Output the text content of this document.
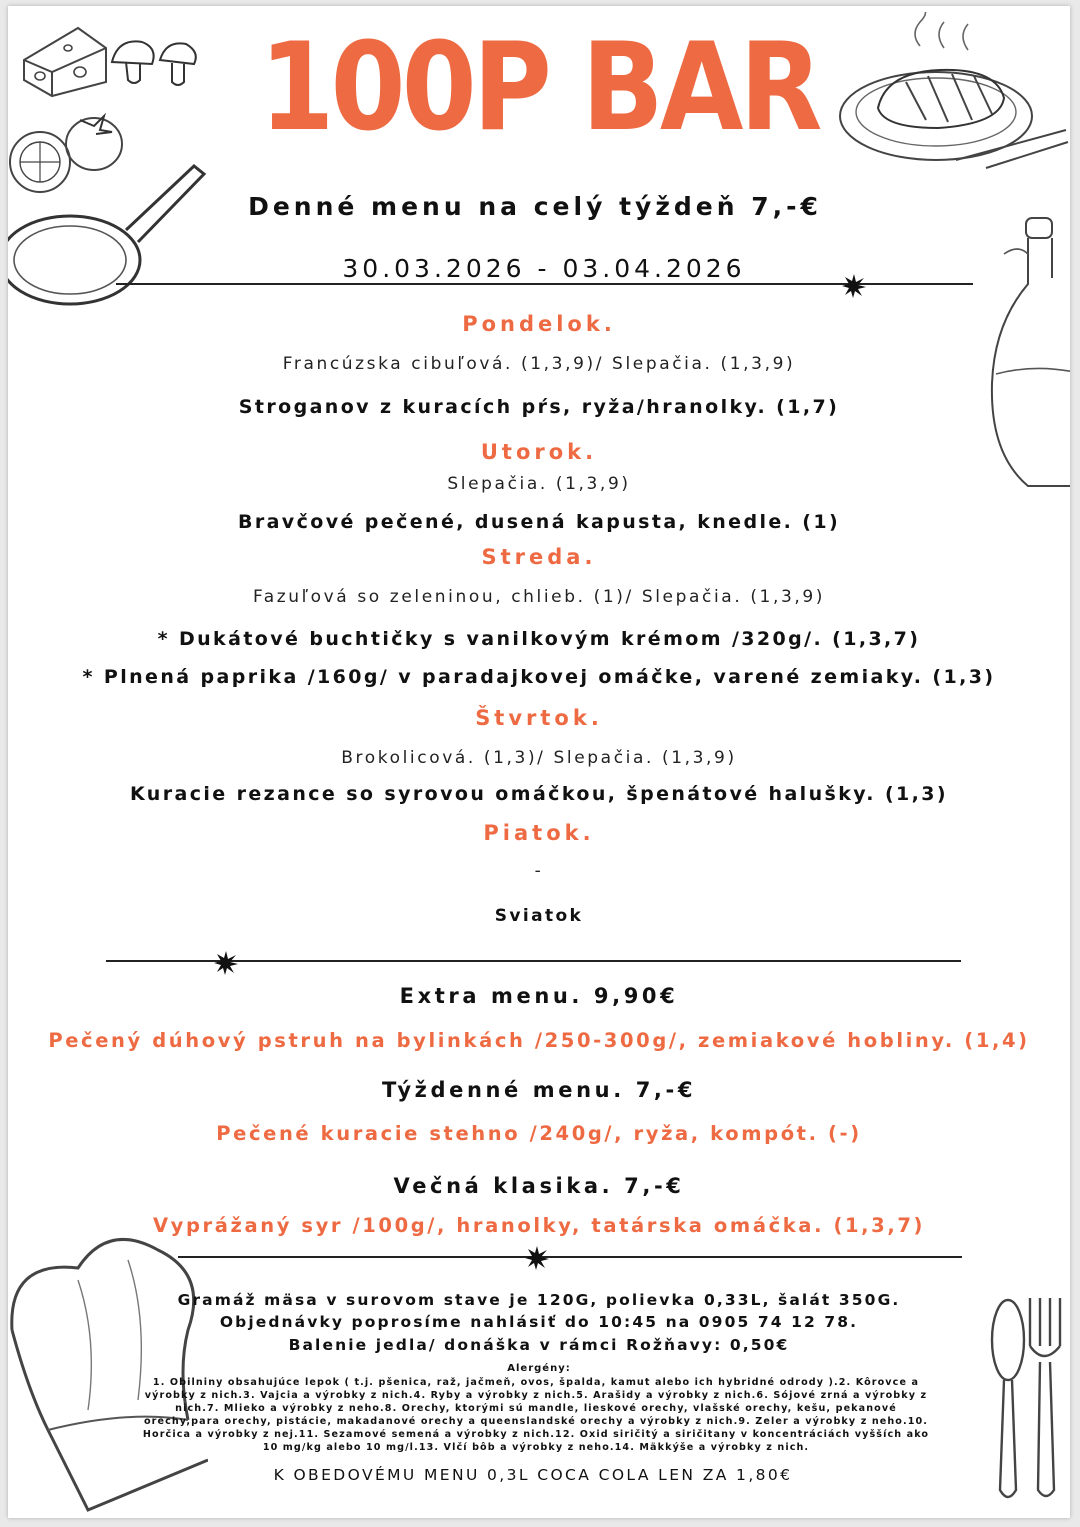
100P BAR
Denné menu na celý týždeň 7,-€
30.03.2026 - 03.04.2026
Pondelok.
Francúzska cibuľová. (1,3,9)/ Slepačia. (1,3,9)
Stroganov z kuracích pŕs, ryža/hranolky. (1,7)
Utorok.
Slepačia. (1,3,9)
Bravčové pečené, dusená kapusta, knedle. (1)
Streda.
Fazuľová so zeleninou, chlieb. (1)/ Slepačia. (1,3,9)
* Dukátové buchtičky s vanilkovým krémom /320g/. (1,3,7)
* Plnená paprika /160g/ v paradajkovej omáčke, varené zemiaky. (1,3)
Štvrtok.
Brokolicová. (1,3)/ Slepačia. (1,3,9)
Kuracie rezance so syrovou omáčkou, špenátové halušky. (1,3)
Piatok.
-
Sviatok
Extra menu. 9,90€
Pečený dúhový pstruh na bylinkách /250-300g/, zemiakové hobliny. (1,4)
Týždenné menu. 7,-€
Pečené kuracie stehno /240g/, ryža, kompót. (-)
Večná klasika. 7,-€
Vyprážaný syr /100g/, hranolky, tatárska omáčka. (1,3,7)
Gramáž mäsa v surovom stave je 120G, polievka 0,33L, šalát 350G.
Objednávky poprosíme nahlásiť do 10:45 na 0905 74 12 78.
Balenie jedla/ donáška v rámci Rožňavy: 0,50€
Alergény:
1. Obilniny obsahujúce lepok ( t.j. pšenica, raž, jačmeň, ovos, špalda, kamut alebo ich hybridné odrody ).2. Kôrovce a výrobky z nich.3. Vajcia a výrobky z nich.4. Ryby a výrobky z nich.5. Arašidy a výrobky z nich.6. Sójové zrná a výrobky z nich.7. Mlieko a výrobky z neho.8. Orechy, ktorými sú mandle, lieskové orechy, vlašské orechy, kešu, pekanové orechy,para orechy, pistácie, makadanové orechy a queenslandské orechy a výrobky z nich.9. Zeler a výrobky z neho.10. Horčica a výrobky z nej.11. Sezamové semená a výrobky z nich.12. Oxid siričitý a siričitany v koncentráciách vyšších ako 10 mg/kg alebo 10 mg/l.13. Vlčí bôb a výrobky z neho.14. Mäkkýše a výrobky z nich.
K OBEDOVÉMU MENU 0,3L COCA COLA LEN ZA 1,80€
